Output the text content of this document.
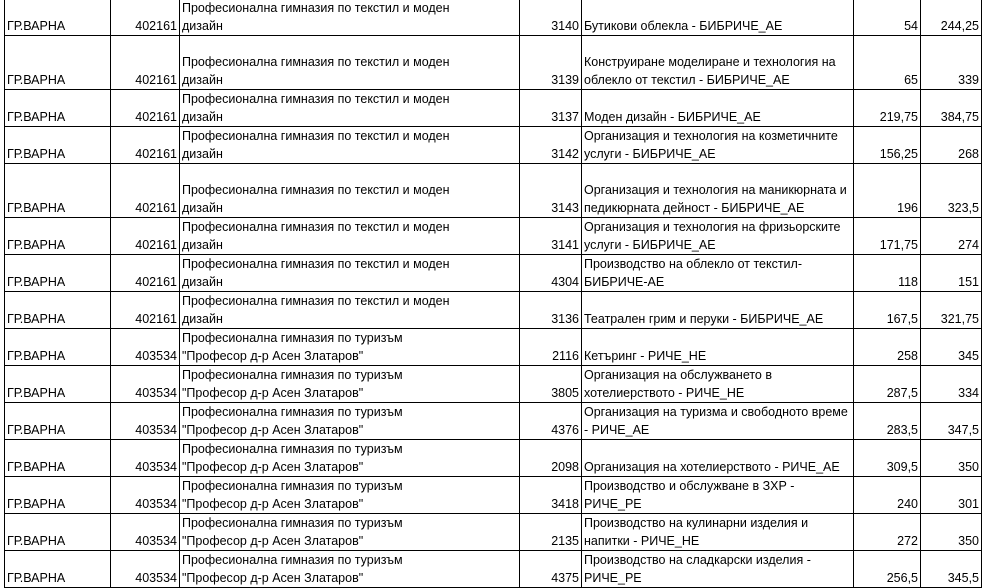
ГР.ВАРНА	402161	Професионална гимназия по текстил и моден
дизайн	3140	Бутикови облекла - БИБРИЧЕ_АЕ	54	244,25
ГР.ВАРНА	402161	Професионална гимназия по текстил и моден
дизайн	3139	Конструиране моделиране и технология на
облекло от текстил - БИБРИЧЕ_АЕ	65	339
ГР.ВАРНА	402161	Професионална гимназия по текстил и моден
дизайн	3137	Моден дизайн - БИБРИЧЕ_АЕ	219,75	384,75
ГР.ВАРНА	402161	Професионална гимназия по текстил и моден
дизайн	3142	Организация и технология на козметичните
услуги - БИБРИЧЕ_АЕ	156,25	268
ГР.ВАРНА	402161	Професионална гимназия по текстил и моден
дизайн	3143	Организация и технология на маникюрната и
педикюрната дейност - БИБРИЧЕ_АЕ	196	323,5
ГР.ВАРНА	402161	Професионална гимназия по текстил и моден
дизайн	3141	Организация и технология на фризьорските
услуги - БИБРИЧЕ_АЕ	171,75	274
ГР.ВАРНА	402161	Професионална гимназия по текстил и моден
дизайн	4304	Производство на облекло от текстил-
БИБРИЧЕ-АЕ	118	151
ГР.ВАРНА	402161	Професионална гимназия по текстил и моден
дизайн	3136	Театрален грим и перуки - БИБРИЧЕ_АЕ	167,5	321,75
ГР.ВАРНА	403534	Професионална гимназия по туризъм
"Професор д-р Асен Златаров"	2116	Кетъринг - РИЧЕ_НЕ	258	345
ГР.ВАРНА	403534	Професионална гимназия по туризъм
"Професор д-р Асен Златаров"	3805	Организация на обслужването в
хотелиерството - РИЧЕ_НЕ	287,5	334
ГР.ВАРНА	403534	Професионална гимназия по туризъм
"Професор д-р Асен Златаров"	4376	Организация на туризма и свободното време
- РИЧЕ_АЕ	283,5	347,5
ГР.ВАРНА	403534	Професионална гимназия по туризъм
"Професор д-р Асен Златаров"	2098	Организация на хотелиерството - РИЧЕ_АЕ	309,5	350
ГР.ВАРНА	403534	Професионална гимназия по туризъм
"Професор д-р Асен Златаров"	3418	Производство и обслужване в ЗХР - РИЧЕ_РЕ	240	301
ГР.ВАРНА	403534	Професионална гимназия по туризъм
"Професор д-р Асен Златаров"	2135	Производство на кулинарни изделия и
напитки - РИЧЕ_НЕ	272	350
ГР.ВАРНА	403534	Професионална гимназия по туризъм
"Професор д-р Асен Златаров"	4375	Производство на сладкарски изделия -
РИЧЕ_РЕ	256,5	345,5
